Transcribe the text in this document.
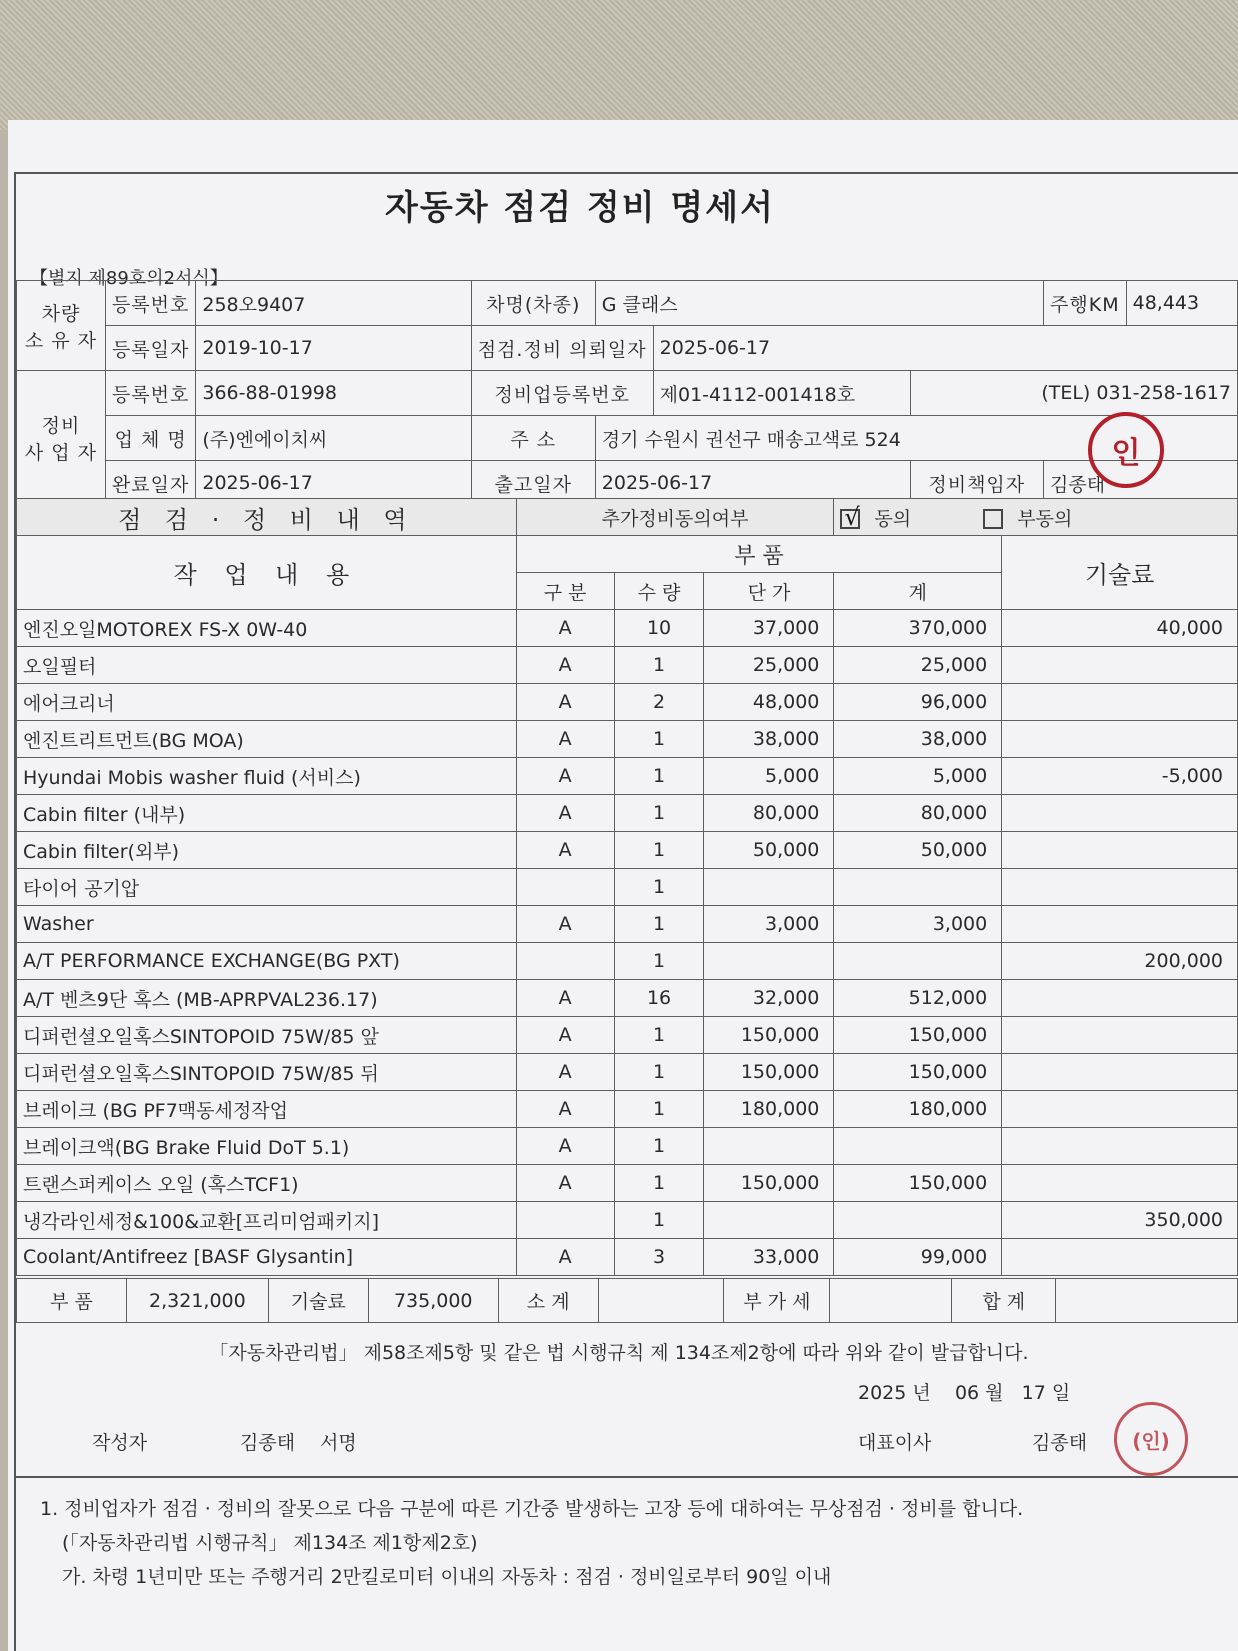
자동차 점검 정비 명세서
【별지 제89호의2서식】
차량
소 유 자	등록번호	258오9407	차명(차종)	G 클래스			주행KM	48,443
	등록일자	2019-10-17	점검.정비 의뢰일자		2025-06-17			

정비
사 업 자	등록번호	366-88-01998	정비업등록번호		제01-4112-001418호	(TEL) 031-258-1617		
	업 체 명	(주)엔에이치씨	주 소	경기 수원시 권선구 매송고색로 524				
	완료일자	2025-06-17	출고일자	2025-06-17		정비책임자	김종태	
인
점 검 · 정 비 내 역	추가정비동의여부			√ 동의 부동의	
작 업 내 용	부 품				기술료
	구 분	수 량	단 가	계	
엔진오일MOTOREX FS-X 0W-40	A	10	37,000	370,000	40,000
오일필터	A	1	25,000	25,000	
에어크리너	A	2	48,000	96,000	
엔진트리트먼트(BG MOA)	A	1	38,000	38,000	
Hyundai Mobis washer fluid (서비스)	A	1	5,000	5,000	-5,000
Cabin filter (내부)	A	1	80,000	80,000	
Cabin filter(외부)	A	1	50,000	50,000	
타이어 공기압		1			
Washer	A	1	3,000	3,000	
A/T PERFORMANCE EXCHANGE(BG PXT)		1			200,000
A/T 벤츠9단 혹스 (MB-APRPVAL236.17)	A	16	32,000	512,000	
디퍼런셜오일혹스SINTOPOID 75W/85 앞	A	1	150,000	150,000	
디퍼런셜오일혹스SINTOPOID 75W/85 뒤	A	1	150,000	150,000	
브레이크 (BG PF7맥동세정작업	A	1	180,000	180,000	
브레이크액(BG Brake Fluid DoT 5.1)	A	1			
트랜스퍼케이스 오일 (혹스TCF1)	A	1	150,000	150,000	
냉각라인세정&100&교환[프리미엄패키지]		1			350,000
Coolant/Antifreez [BASF Glysantin]	A	3	33,000	99,000	
부 품	2,321,000	기술료	735,000	소 계		부 가 세		합 계	
「자동차관리법」 제58조제5항 및 같은 법 시행규칙 제 134조제2항에 따라 위와 같이 발급합니다.
2025 년 06 월 17 일
작성자	김종태 서명	대표이사	김종태 (인)
1. 정비업자가 점검 · 정비의 잘못으로 다음 구분에 따른 기간중 발생하는 고장 등에 대하여는 무상점검 · 정비를 합니다.
(「자동차관리법 시행규칙」 제134조 제1항제2호)
가. 차령 1년미만 또는 주행거리 2만킬로미터 이내의 자동차 : 점검 · 정비일로부터 90일 이내
